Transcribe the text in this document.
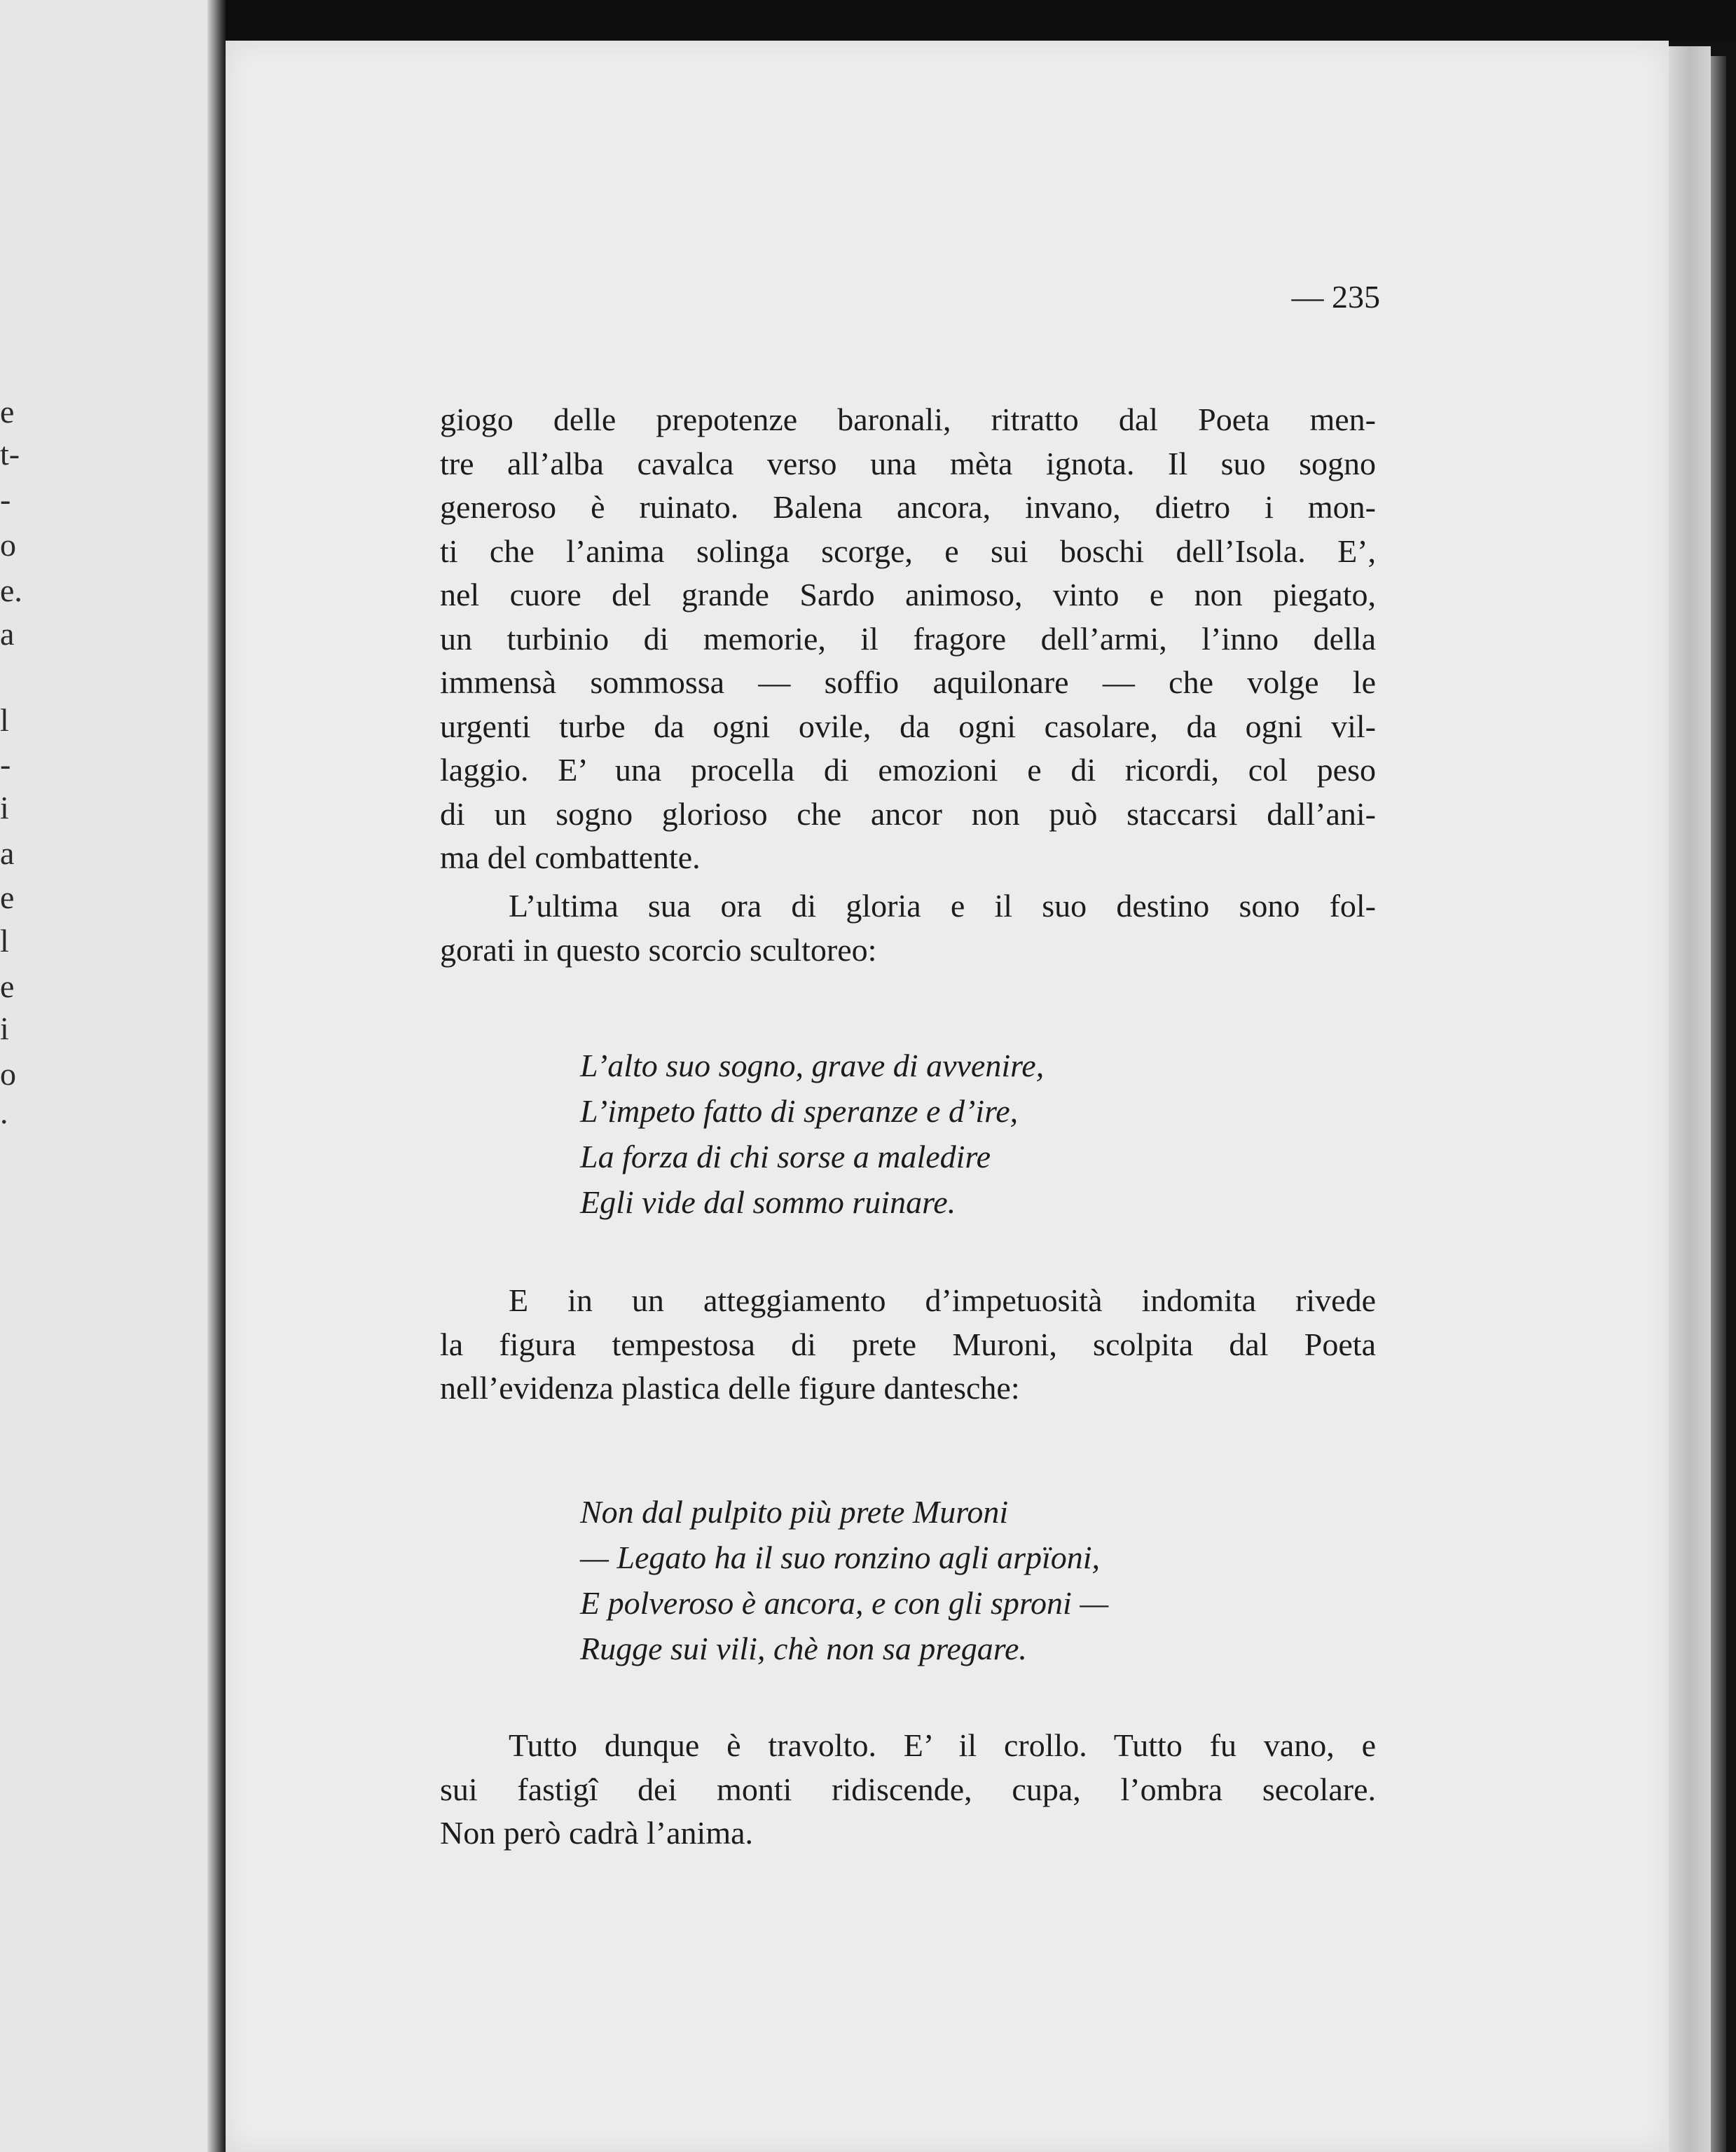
e
t-
-
o
e.
a
l
-
i
a
e
l
e
i
o
.
— 235
giogo delle prepotenze baronali, ritratto dal Poeta men-
tre all’alba cavalca verso una mèta ignota. Il suo sogno
generoso è ruinato. Balena ancora, invano, dietro i mon-
ti che l’anima solinga scorge, e sui boschi dell’Isola. E’,
nel cuore del grande Sardo animoso, vinto e non piegato,
un turbinio di memorie, il fragore dell’armi, l’inno della
immensà sommossa — soffio aquilonare — che volge le
urgenti turbe da ogni ovile, da ogni casolare, da ogni vil-
laggio. E’ una procella di emozioni e di ricordi, col peso
di un sogno glorioso che ancor non può staccarsi dall’ani-
ma del combattente.
L’ultima sua ora di gloria e il suo destino sono fol-
gorati in questo scorcio scultoreo:
L’alto suo sogno, grave di avvenire,
L’impeto fatto di speranze e d’ire,
La forza di chi sorse a maledire
Egli vide dal sommo ruinare.
E in un atteggiamento d’impetuosità indomita rivede
la figura tempestosa di prete Muroni, scolpita dal Poeta
nell’evidenza plastica delle figure dantesche:
Non dal pulpito più prete Muroni
— Legato ha il suo ronzino agli arpïoni,
E polveroso è ancora, e con gli sproni —
Rugge sui vili, chè non sa pregare.
Tutto dunque è travolto. E’ il crollo. Tutto fu vano, e
sui fastigî dei monti ridiscende, cupa, l’ombra secolare.
Non però cadrà l’anima.
